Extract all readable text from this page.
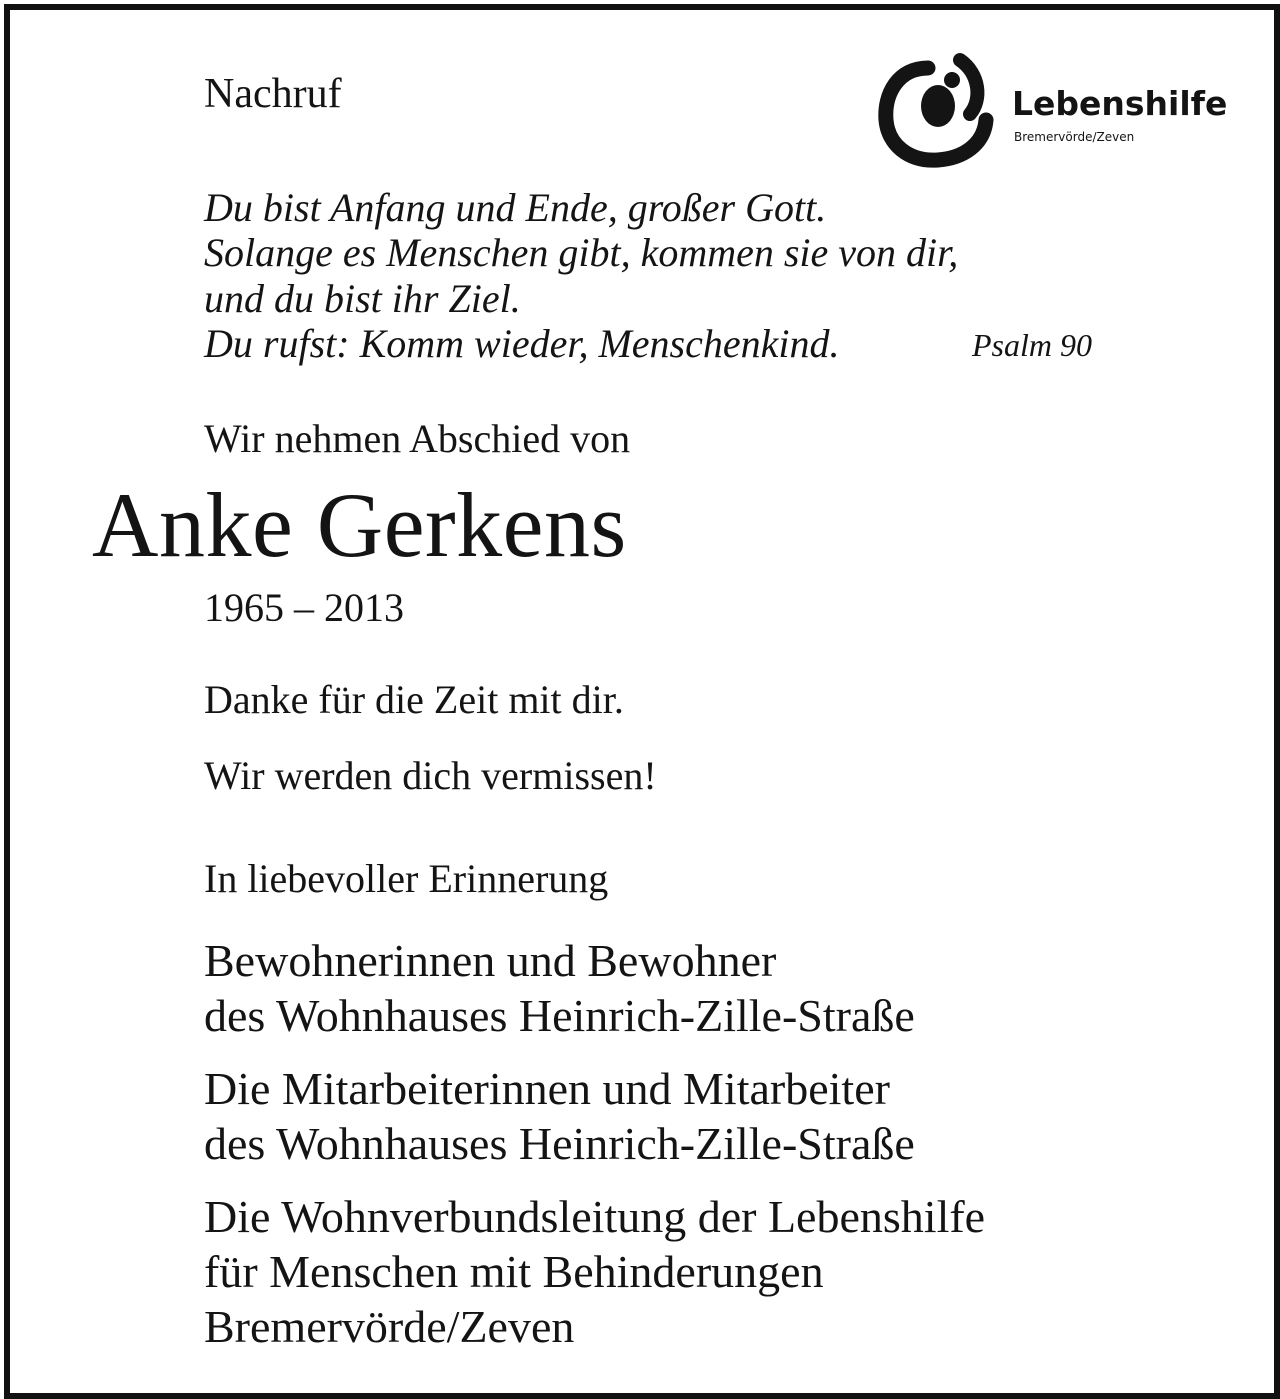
Nachruf	Lebenshilfe
Bremervörde/Zeven

Du bist Anfang und Ende, großer Gott.

Solange es Menschen gibt, kommen sie von dir,

und du bist ihr Ziel.

Du rufst: Komm wieder, Menschenkind.	Psalm 90

Wir nehmen Abschied von

Anke Gerkens

1965 – 2013

Danke für die Zeit mit dir.

Wir werden dich vermissen!

In liebevoller Erinnerung

Bewohnerinnen und Bewohner

des Wohnhauses Heinrich-Zille-Straße

Die Mitarbeiterinnen und Mitarbeiter

des Wohnhauses Heinrich-Zille-Straße

Die Wohnverbundsleitung der Lebenshilfe

für Menschen mit Behinderungen

Bremervörde/Zeven
